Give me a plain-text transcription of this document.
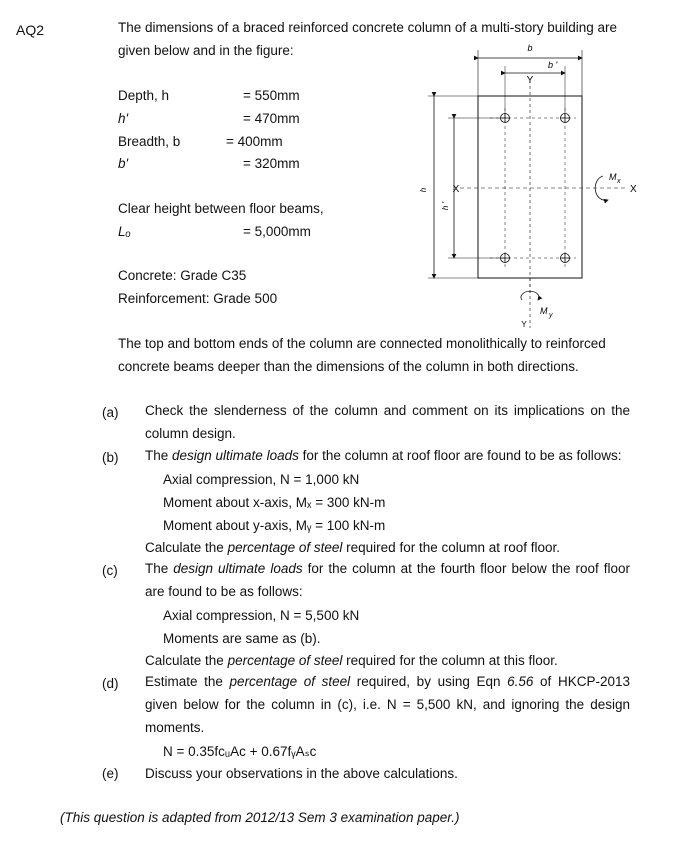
AQ2	The dimensions of a braced reinforced concrete column of a multi-story building are given below and in the figure:
Depth, h	= 550mm
h'	= 470mm
Breadth, b	= 400mm
b'	= 320mm
Clear height between floor beams,
Lₒ	= 5,000mm
Concrete: Grade C35
Reinforcement: Grade 500
b
b '
Y
X	X
h
h '
M x
M y
Y
The top and bottom ends of the column are connected monolithically to reinforced concrete beams deeper than the dimensions of the column in both directions.
(a) Check the slenderness of the column and comment on its implications on the column design.
(b) The design ultimate loads for the column at roof floor are found to be as follows:
Axial compression, N = 1,000 kN
Moment about x-axis, Mₓ = 300 kN-m
Moment about y-axis, Mᵧ = 100 kN-m
Calculate the percentage of steel required for the column at roof floor.
(c) The design ultimate loads for the column at the fourth floor below the roof floor are found to be as follows:
Axial compression, N = 5,500 kN
Moments are same as (b).
Calculate the percentage of steel required for the column at this floor.
(d) Estimate the percentage of steel required, by using Eqn 6.56 of HKCP-2013 given below for the column in (c), i.e. N = 5,500 kN, and ignoring the design moments.
N = 0.35fᴄᵤAᴄ + 0.67fᵧAₛᴄ
(e) Discuss your observations in the above calculations.
(This question is adapted from 2012/13 Sem 3 examination paper.)
